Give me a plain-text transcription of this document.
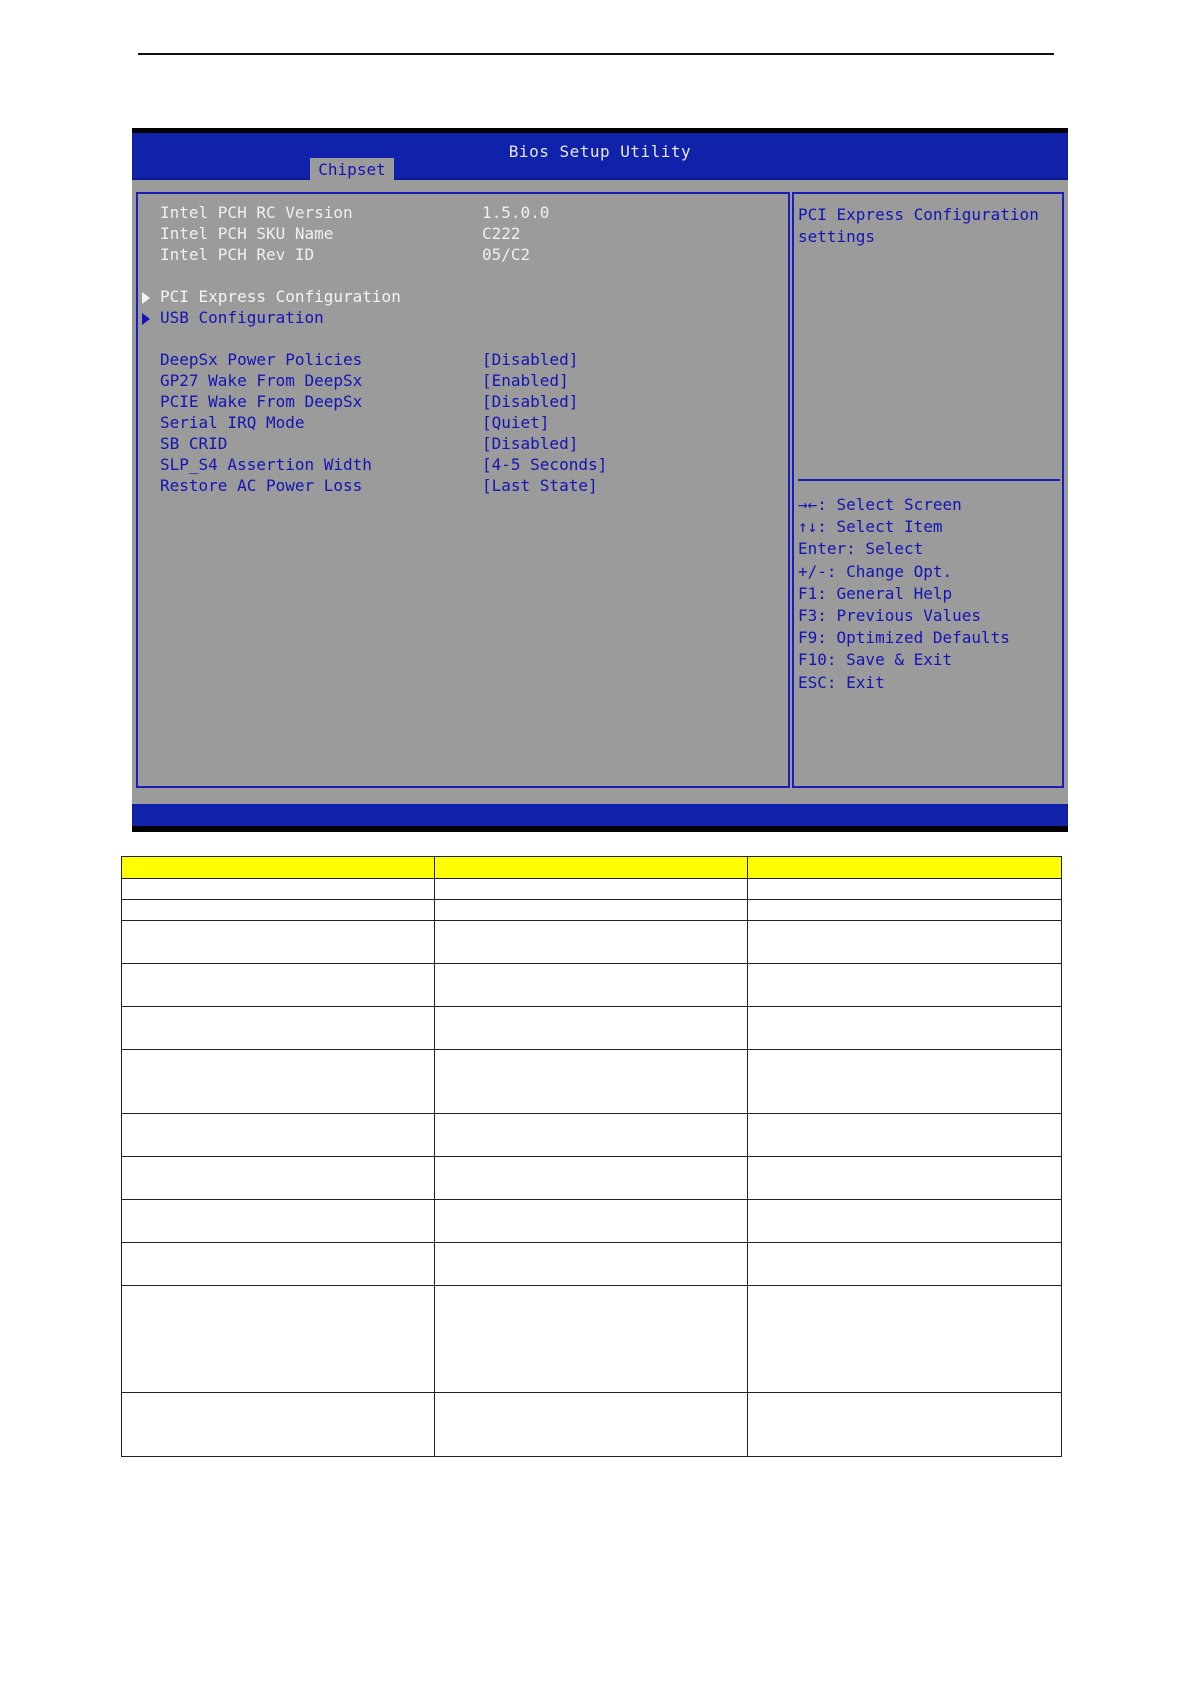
Bios Setup Utility
Chipset
Intel PCH RC Version	1.5.0.0
Intel PCH SKU Name	C222
Intel PCH Rev ID	05/C2
PCI Express Configuration
USB Configuration
DeepSx Power Policies	[Disabled]
GP27 Wake From DeepSx	[Enabled]
PCIE Wake From DeepSx	[Disabled]
Serial IRQ Mode	[Quiet]
SB CRID	[Disabled]
SLP_S4 Assertion Width	[4-5 Seconds]
Restore AC Power Loss	[Last State]
PCI Express Configuration settings
→←: Select Screen
↑↓: Select Item
Enter: Select
+/-: Change Opt.
F1: General Help
F3: Previous Values
F9: Optimized Defaults
F10: Save & Exit
ESC: Exit
